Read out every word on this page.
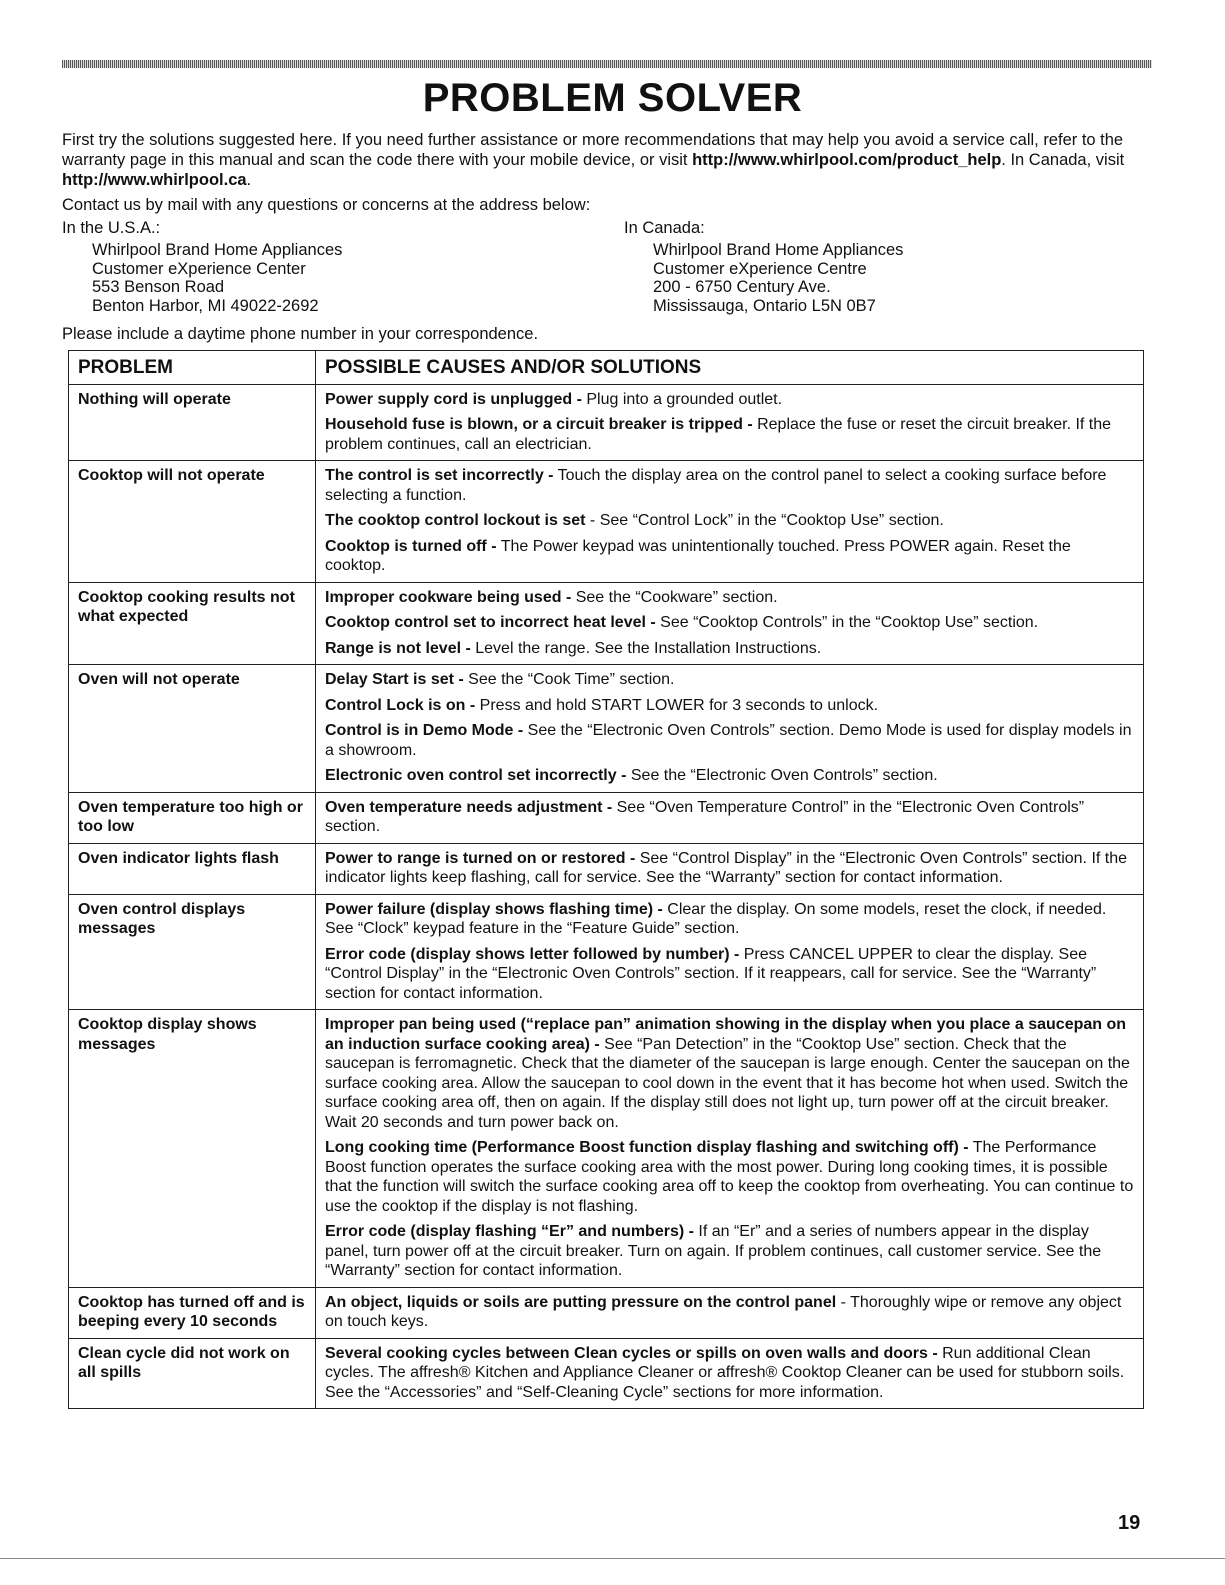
PROBLEM SOLVER
First try the solutions suggested here. If you need further assistance or more recommendations that may help you avoid a service call, refer to the warranty page in this manual and scan the code there with your mobile device, or visit http://www.whirlpool.com/product_help. In Canada, visit http://www.whirlpool.ca.
Contact us by mail with any questions or concerns at the address below:
In the U.S.A.:	In Canada:
Whirlpool Brand Home Appliances
Customer eXperience Center
553 Benson Road
Benton Harbor, MI 49022-2692
Whirlpool Brand Home Appliances
Customer eXperience Centre
200 - 6750 Century Ave.
Mississauga, Ontario L5N 0B7
Please include a daytime phone number in your correspondence.
PROBLEM	POSSIBLE CAUSES AND/OR SOLUTIONS
Nothing will operate	Power supply cord is unplugged - Plug into a grounded outlet.

Household fuse is blown, or a circuit breaker is tripped - Replace the fuse or reset the circuit breaker. If the problem continues, call an electrician.

Cooktop will not operate	The control is set incorrectly - Touch the display area on the control panel to select a cooking surface before selecting a function.

The cooktop control lockout is set - See “Control Lock” in the “Cooktop Use” section.

Cooktop is turned off - The Power keypad was unintentionally touched. Press POWER again. Reset the cooktop.

Cooktop cooking results not what expected	Improper cookware being used - See the “Cookware” section.

Cooktop control set to incorrect heat level - See “Cooktop Controls” in the “Cooktop Use” section.

Range is not level - Level the range. See the Installation Instructions.

Oven will not operate	Delay Start is set - See the “Cook Time” section.

Control Lock is on - Press and hold START LOWER for 3 seconds to unlock.

Control is in Demo Mode - See the “Electronic Oven Controls” section. Demo Mode is used for display models in a showroom.

Electronic oven control set incorrectly - See the “Electronic Oven Controls” section.

Oven temperature too high or too low	Oven temperature needs adjustment - See “Oven Temperature Control” in the “Electronic Oven Controls” section.

Oven indicator lights flash	Power to range is turned on or restored - See “Control Display” in the “Electronic Oven Controls” section. If the indicator lights keep flashing, call for service. See the “Warranty” section for contact information.

Oven control displays messages	Power failure (display shows flashing time) - Clear the display. On some models, reset the clock, if needed. See “Clock” keypad feature in the “Feature Guide” section.

Error code (display shows letter followed by number) - Press CANCEL UPPER to clear the display. See “Control Display” in the “Electronic Oven Controls” section. If it reappears, call for service. See the “Warranty” section for contact information.

Cooktop display shows messages	Improper pan being used (“replace pan” animation showing in the display when you place a saucepan on an induction surface cooking area) - See “Pan Detection” in the “Cooktop Use” section. Check that the saucepan is ferromagnetic. Check that the diameter of the saucepan is large enough. Center the saucepan on the surface cooking area. Allow the saucepan to cool down in the event that it has become hot when used. Switch the surface cooking area off, then on again. If the display still does not light up, turn power off at the circuit breaker. Wait 20 seconds and turn power back on.

Long cooking time (Performance Boost function display flashing and switching off) - The Performance Boost function operates the surface cooking area with the most power. During long cooking times, it is possible that the function will switch the surface cooking area off to keep the cooktop from overheating. You can continue to use the cooktop if the display is not flashing.

Error code (display flashing “Er” and numbers) - If an “Er” and a series of numbers appear in the display panel, turn power off at the circuit breaker. Turn on again. If problem continues, call customer service. See the “Warranty” section for contact information.

Cooktop has turned off and is beeping every 10 seconds	An object, liquids or soils are putting pressure on the control panel - Thoroughly wipe or remove any object on touch keys.

Clean cycle did not work on all spills	Several cooking cycles between Clean cycles or spills on oven walls and doors - Run additional Clean cycles. The affresh® Kitchen and Appliance Cleaner or affresh® Cooktop Cleaner can be used for stubborn soils. See the “Accessories” and “Self-Cleaning Cycle” sections for more information.

19
